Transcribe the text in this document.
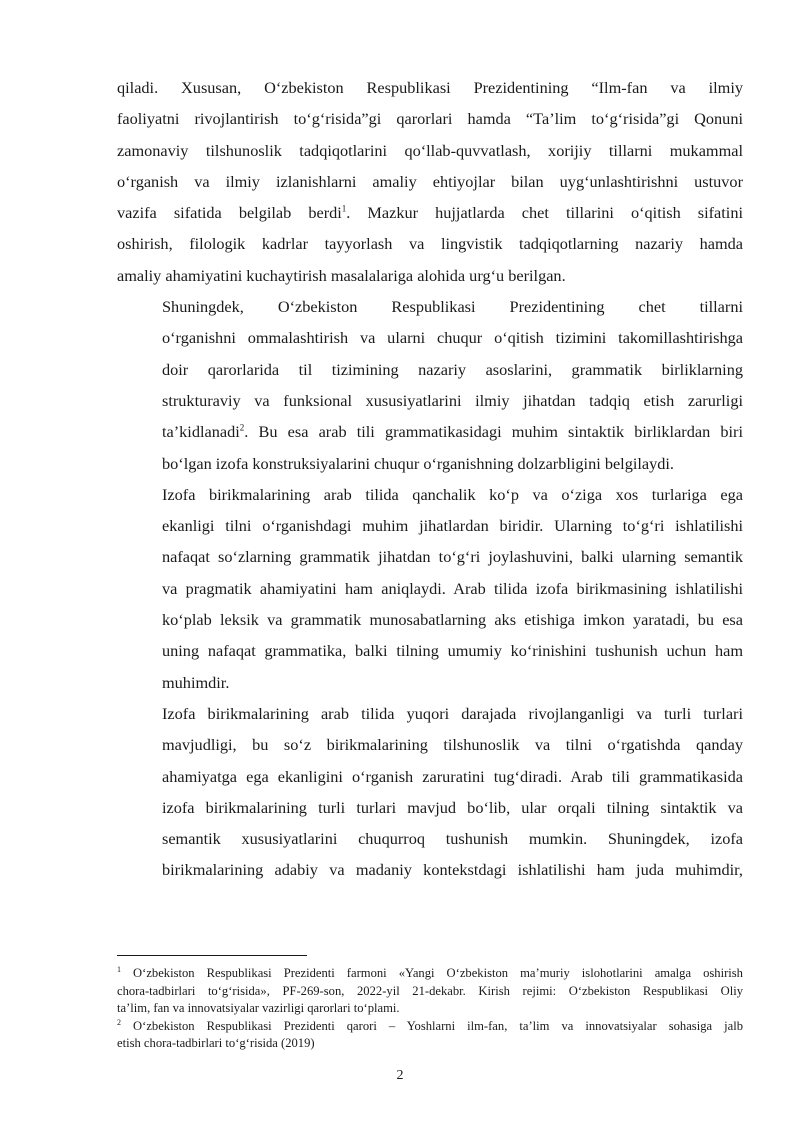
qiladi. Xususan, O‘zbekiston Respublikasi Prezidentining “Ilm-fan va ilmiy
faoliyatni rivojlantirish to‘g‘risida”gi qarorlari hamda “Ta’lim to‘g‘risida”gi Qonuni
zamonaviy tilshunoslik tadqiqotlarini qo‘llab-quvvatlash, xorijiy tillarni mukammal
o‘rganish va ilmiy izlanishlarni amaliy ehtiyojlar bilan uyg‘unlashtirishni ustuvor
vazifa sifatida belgilab berdi$^1$. Mazkur hujjatlarda chet tillarini o‘qitish sifatini
oshirish, filologik kadrlar tayyorlash va lingvistik tadqiqotlarning nazariy hamda
amaliy ahamiyatini kuchaytirish masalalariga alohida urg‘u berilgan.

Shuningdek, O‘zbekiston Respublikasi Prezidentining chet tillarni
o‘rganishni ommalashtirish va ularni chuqur o‘qitish tizimini takomillashtirishga
doir qarorlarida til tizimining nazariy asoslarini, grammatik birliklarning
strukturaviy va funksional xususiyatlarini ilmiy jihatdan tadqiq etish zarurligi
ta’kidlanadi$^2$. Bu esa arab tili grammatikasidagi muhim sintaktik birliklardan biri
bo‘lgan izofa konstruksiyalarini chuqur o‘rganishning dolzarbligini belgilaydi.

Izofa birikmalarining arab tilida qanchalik ko‘p va o‘ziga xos turlariga ega
ekanligi tilni o‘rganishdagi muhim jihatlardan biridir. Ularning to‘g‘ri ishlatilishi
nafaqat so‘zlarning grammatik jihatdan to‘g‘ri joylashuvini, balki ularning semantik
va pragmatik ahamiyatini ham aniqlaydi. Arab tilida izofa birikmasining ishlatilishi
ko‘plab leksik va grammatik munosabatlarning aks etishiga imkon yaratadi, bu esa
uning nafaqat grammatika, balki tilning umumiy ko‘rinishini tushunish uchun ham
muhimdir.

Izofa birikmalarining arab tilida yuqori darajada rivojlanganligi va turli turlari
mavjudligi, bu so‘z birikmalarining tilshunoslik va tilni o‘rgatishda qanday
ahamiyatga ega ekanligini o‘rganish zaruratini tug‘diradi. Arab tili grammatikasida
izofa birikmalarining turli turlari mavjud bo‘lib, ular orqali tilning sintaktik va
semantik xususiyatlarini chuqurroq tushunish mumkin. Shuningdek, izofa
birikmalarining adabiy va madaniy kontekstdagi ishlatilishi ham juda muhimdir,

$^1$ O‘zbekiston Respublikasi Prezidenti farmoni «Yangi O‘zbekiston ma’muriy islohotlarini amalga oshirish
chora-tadbirlari to‘g‘risida», PF-269-son, 2022-yil 21-dekabr. Kirish rejimi: O‘zbekiston Respublikasi Oliy
ta’lim, fan va innovatsiyalar vazirligi qarorlari to‘plami.

$^2$ O‘zbekiston Respublikasi Prezidenti qarori – Yoshlarni ilm-fan, ta’lim va innovatsiyalar sohasiga jalb
etish chora-tadbirlari to‘g‘risida (2019)

2
